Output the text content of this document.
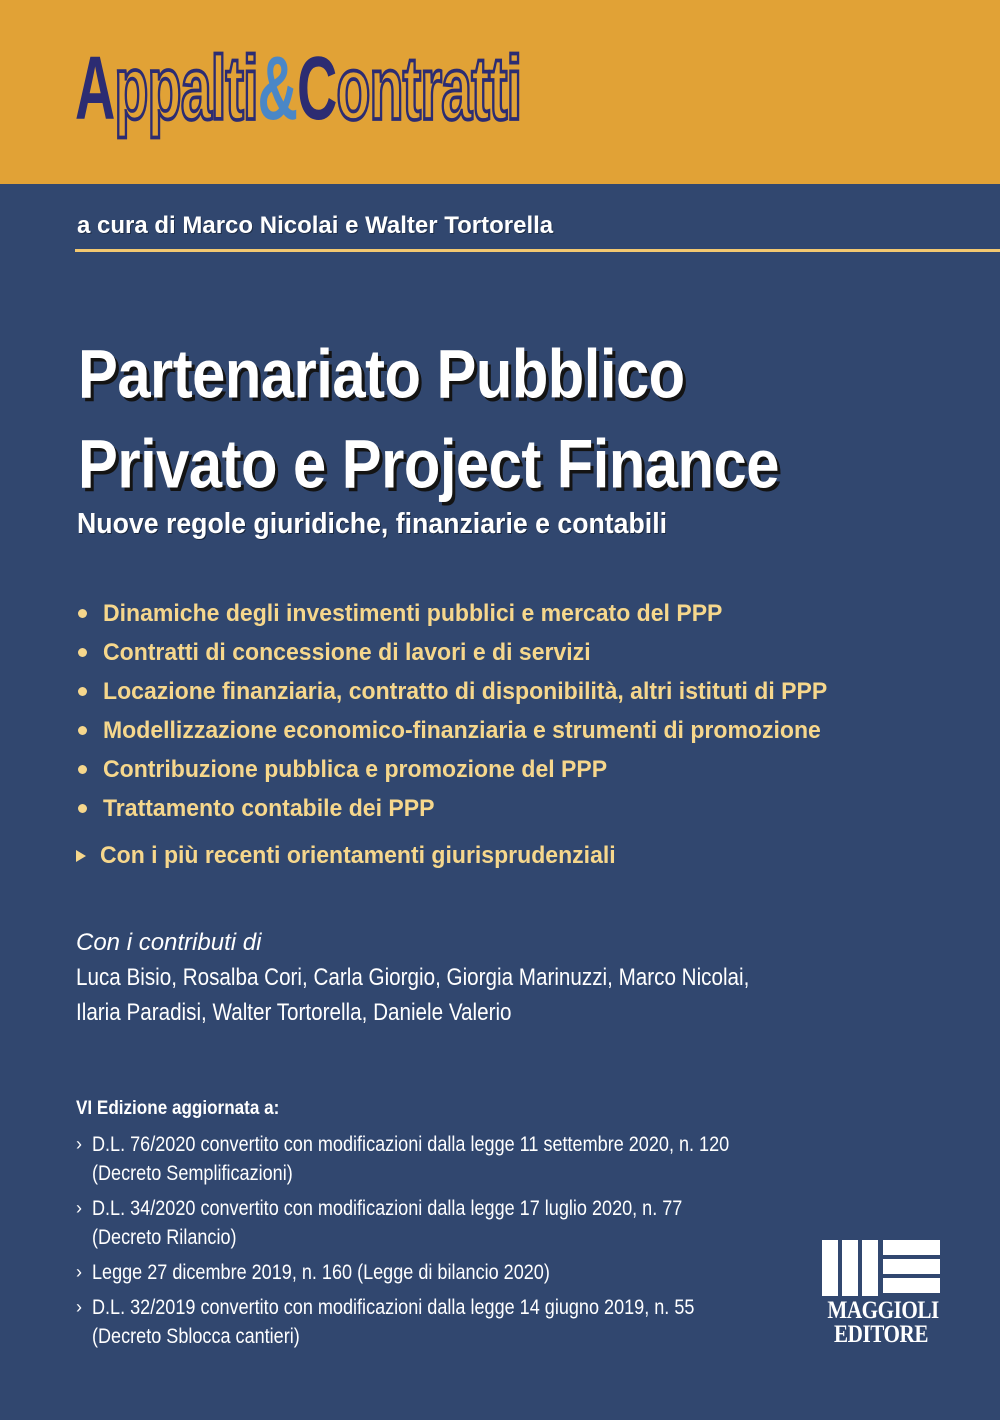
Appalti&Contratti
a cura di Marco Nicolai e Walter Tortorella
Partenariato Pubblico
Privato e Project Finance
Nuove regole giuridiche, finanziarie e contabili
Dinamiche degli investimenti pubblici e mercato del PPP
Contratti di concessione di lavori e di servizi
Locazione finanziaria, contratto di disponibilità, altri istituti di PPP
Modellizzazione economico-finanziaria e strumenti di promozione
Contribuzione pubblica e promozione del PPP
Trattamento contabile dei PPP
Con i più recenti orientamenti giurisprudenziali
Con i contributi di
Luca Bisio, Rosalba Cori, Carla Giorgio, Giorgia Marinuzzi, Marco Nicolai,
Ilaria Paradisi, Walter Tortorella, Daniele Valerio
VI Edizione aggiornata a:
› D.L. 76/2020 convertito con modificazioni dalla legge 11 settembre 2020, n. 120
(Decreto Semplificazioni)
› D.L. 34/2020 convertito con modificazioni dalla legge 17 luglio 2020, n. 77
(Decreto Rilancio)
› Legge 27 dicembre 2019, n. 160 (Legge di bilancio 2020)
› D.L. 32/2019 convertito con modificazioni dalla legge 14 giugno 2019, n. 55
(Decreto Sblocca cantieri)
MAGGIOLI
EDITORE
